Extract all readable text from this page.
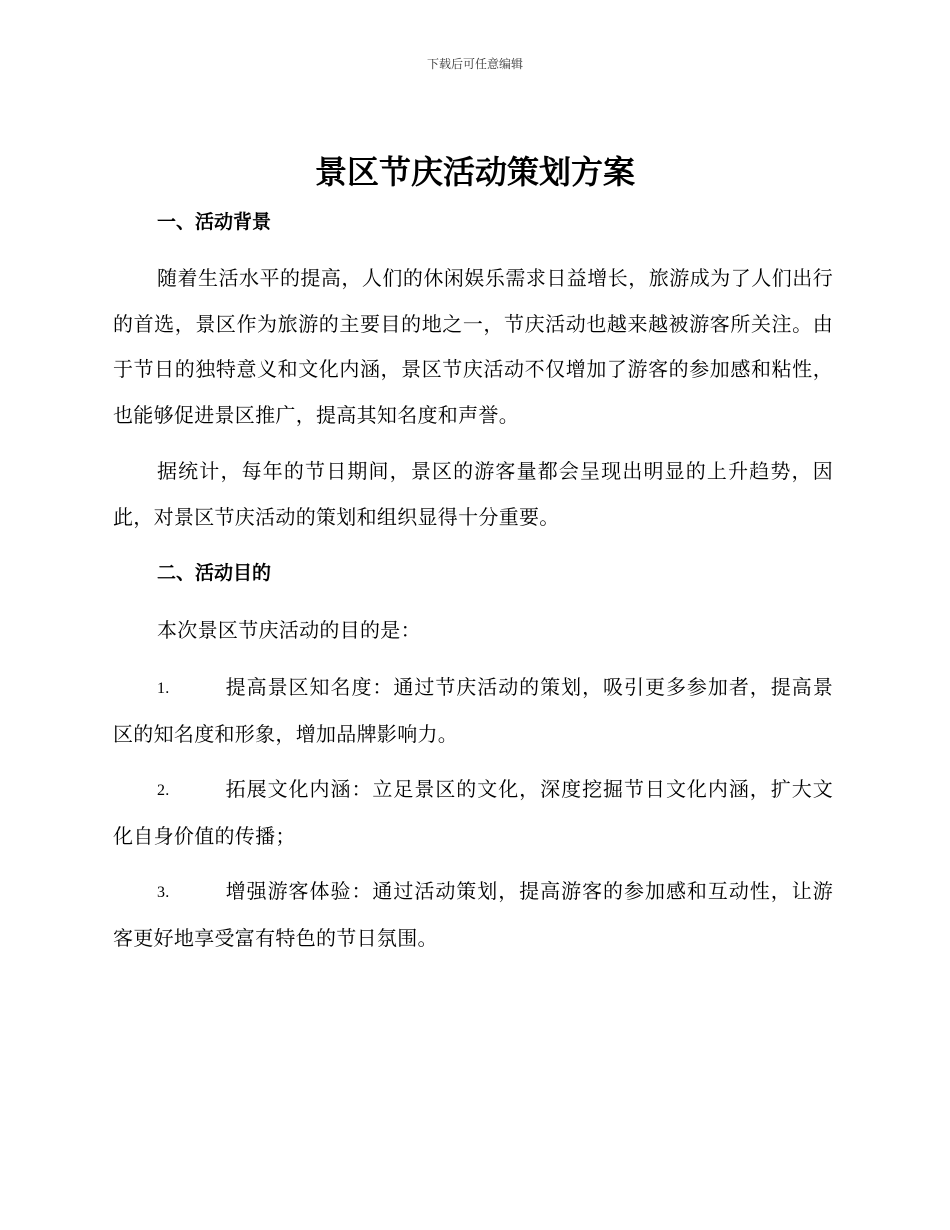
下载后可任意编辑
景区节庆活动策划方案
一、活动背景

随着生活水平的提高，人们的休闲娱乐需求日益增长，旅游成为了人们出行的首选，景区作为旅游的主要目的地之一，节庆活动也越来越被游客所关注。由于节日的独特意义和文化内涵，景区节庆活动不仅增加了游客的参加感和粘性，也能够促进景区推广，提高其知名度和声誉。

据统计，每年的节日期间，景区的游客量都会呈现出明显的上升趋势，因此，对景区节庆活动的策划和组织显得十分重要。

二、活动目的

本次景区节庆活动的目的是：

1.	提高景区知名度：通过节庆活动的策划，吸引更多参加者，提高景区的知名度和形象，增加品牌影响力。

2.	拓展文化内涵：立足景区的文化，深度挖掘节日文化内涵，扩大文化自身价值的传播；

3.	增强游客体验：通过活动策划，提高游客的参加感和互动性，让游客更好地享受富有特色的节日氛围。
